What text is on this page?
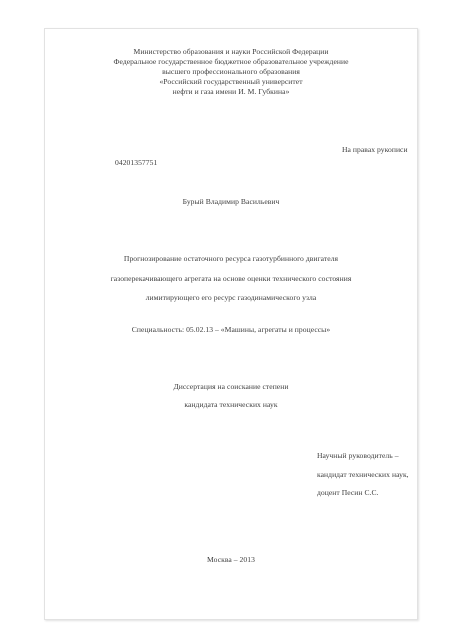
Министерство образования и науки Российской Федерации
Федеральное государственное бюджетное образовательное учреждение
высшего профессионального образования
«Российский государственный университет
нефти и газа имени И. М. Губкина»
На правах рукописи
04201357751
Бурый Владимир Васильевич
Прогнозирование остаточного ресурса газотурбинного двигателя
газоперекачивающего агрегата на основе оценки технического состояния
лимитирующего его ресурс газодинамического узла
Специальность: 05.02.13 – «Машины, агрегаты и процессы»
Диссертация на соискание степени
кандидата технических наук
Научный руководитель –
кандидат технических наук,
доцент Песин С.С.
Москва – 2013
